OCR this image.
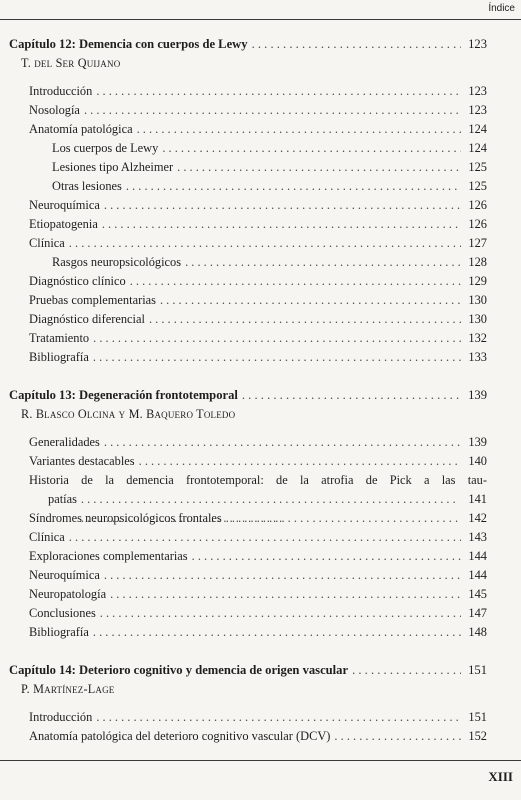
Índice
Capítulo 12: Demencia con cuerpos de Lewy . . .	123
T. del Ser Quijano
Introducción . . .	123
Nosología . . .	123
Anatomía patológica . . .	124
Los cuerpos de Lewy . . .	124
Lesiones tipo Alzheimer . . .	125
Otras lesiones . . .	125
Neuroquímica . . .	126
Etiopatogenia . . .	126
Clínica . . .	127
Rasgos neuropsicológicos . . .	128
Diagnóstico clínico . . .	129
Pruebas complementarias . . .	130
Diagnóstico diferencial . . .	130
Tratamiento . . .	132
Bibliografía . . .	133
Capítulo 13: Degeneración frontotemporal . . .	139
R. Blasco Olcina y M. Baquero Toledo
Generalidades . . .	139
Variantes destacables . . .	140
Historia de la demencia frontotemporal: de la atrofia de Pick a las tau-
patías . . .	141
Síndromes neuropsicológicos frontales . . .	142
Clínica . . .	143
Exploraciones complementarias . . .	144
Neuroquímica . . .	144
Neuropatología . . .	145
Conclusiones . . .	147
Bibliografía . . .	148
Capítulo 14: Deterioro cognitivo y demencia de origen vascular . . .	151
P. Martínez-Lage
Introducción . . .	151
Anatomía patológica del deterioro cognitivo vascular (DCV) . . .	152
XIII
